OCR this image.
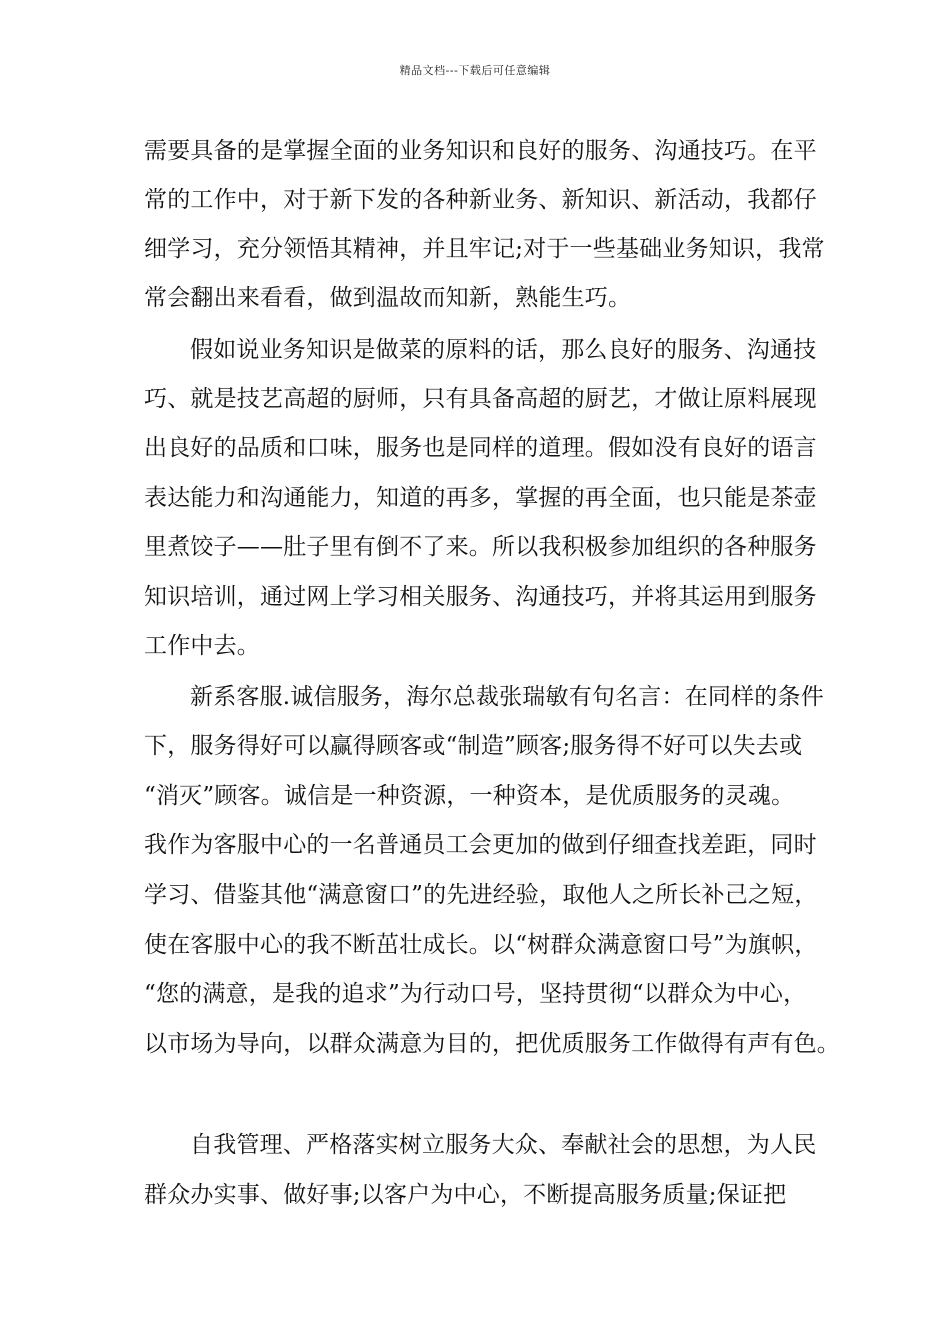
精品文档---下载后可任意编辑
需要具备的是掌握全面的业务知识和良好的服务、沟通技巧。在平
常的工作中，对于新下发的各种新业务、新知识、新活动，我都仔
细学习，充分领悟其精神，并且牢记;对于一些基础业务知识，我常
常会翻出来看看，做到温故而知新，熟能生巧。
假如说业务知识是做菜的原料的话，那么良好的服务、沟通技
巧、就是技艺高超的厨师，只有具备高超的厨艺，才做让原料展现
出良好的品质和口味，服务也是同样的道理。假如没有良好的语言
表达能力和沟通能力，知道的再多，掌握的再全面，也只能是茶壶
里煮饺子——肚子里有倒不了来。所以我积极参加组织的各种服务
知识培训，通过网上学习相关服务、沟通技巧，并将其运用到服务
工作中去。
新系客服.诚信服务，海尔总裁张瑞敏有句名言：在同样的条件
下，服务得好可以赢得顾客或“制造”顾客;服务得不好可以失去或
“消灭”顾客。诚信是一种资源，一种资本，是优质服务的灵魂。
我作为客服中心的一名普通员工会更加的做到仔细查找差距，同时
学习、借鉴其他“满意窗口”的先进经验，取他人之所长补己之短，
使在客服中心的我不断茁壮成长。以“树群众满意窗口号”为旗帜，
“您的满意，是我的追求”为行动口号，坚持贯彻“以群众为中心，
以市场为导向，以群众满意为目的，把优质服务工作做得有声有色。
自我管理、严格落实树立服务大众、奉献社会的思想，为人民
群众办实事、做好事;以客户为中心，不断提高服务质量;保证把
